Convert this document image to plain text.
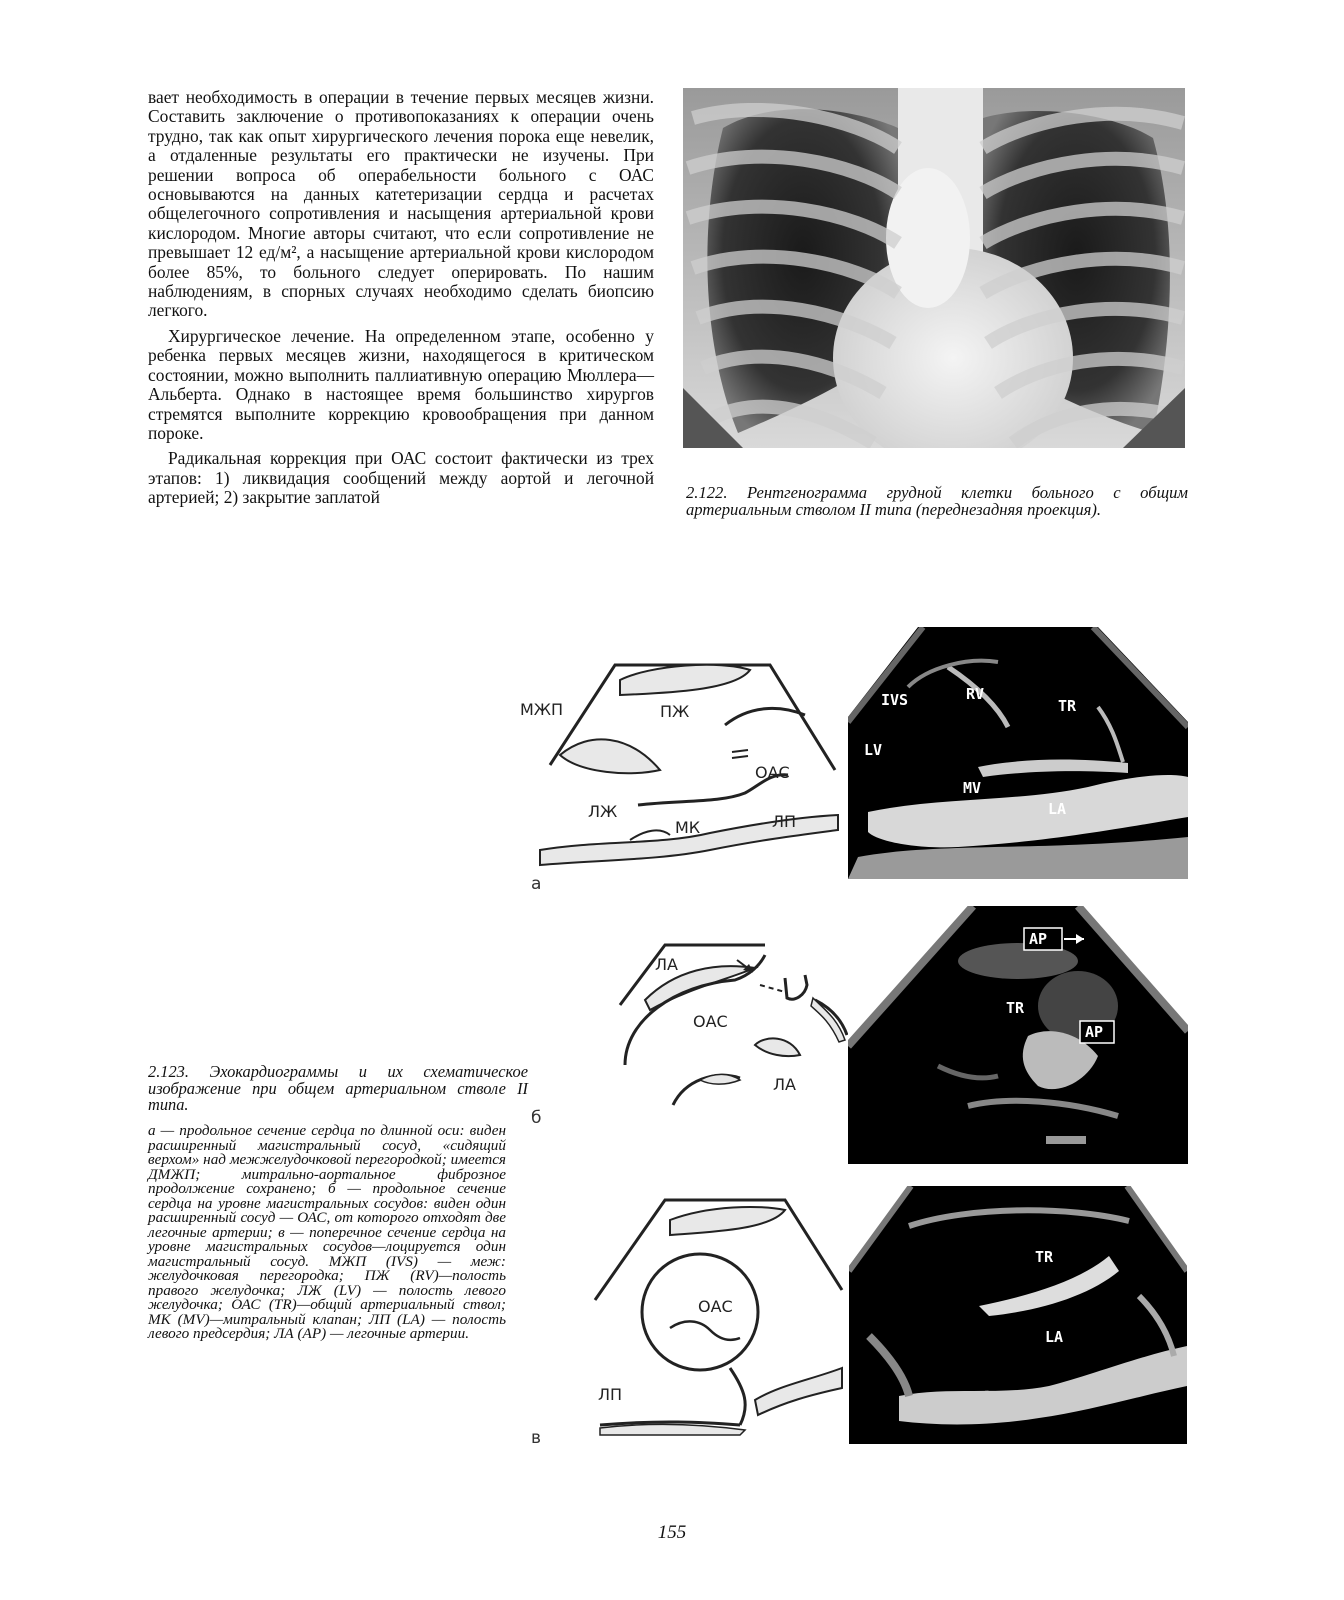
вает необходимость в операции в течение первых месяцев жизни. Составить заключение о противопоказаниях к операции очень трудно, так как опыт хирургического лечения порока еще невелик, а отдаленные результаты его практически не изучены. При решении вопроса об операбельности больного с ОАС основываются на данных катетеризации сердца и расчетах общелегочного сопротивления и насыщения артериальной крови кислородом. Многие авторы считают, что если сопротивление не превышает 12 ед/м², а насыщение артериальной крови кислородом более 85%, то больного следует оперировать. По нашим наблюдениям, в спорных случаях необходимо сделать биопсию легкого.

Хирургическое лечение. На определенном этапе, особенно у ребенка первых месяцев жизни, находящегося в критическом состоянии, можно выполнить паллиативную операцию Мюллера—Альберта. Однако в настоящее время большинство хирургов стремятся выполните коррекцию кровообращения при данном пороке.

Радикальная коррекция при ОАС состоит фактически из трех этапов: 1) ликвидация сообщений между аортой и легочной артерией; 2) закрытие заплатой	2.122. Рентгенограмма грудной клетки больного с общим артериальным стволом II типа (переднезадняя проекция).
МЖП	ПЖ
ОАС
ЛЖ
МК	ЛП
а
IVS	RV
TR
LV
MV
LA
ЛА
ОАС
ЛА
б
AP
TR
AP
ОАС
ЛП
в
TR
LA
2.123. Эхокардиограммы и их схематическое изображение при общем артериальном стволе II типа.
а — продольное сечение сердца по длинной оси: виден расширенный магистральный сосуд, «сидящий верхом» над межжелудочковой перегородкой; имеется ДМЖП; митрально-аортальное фиброзное продолжение сохранено; б — продольное сечение сердца на уровне магистральных сосудов: виден один расширенный сосуд — ОАС, от которого отходят две легочные артерии; в — поперечное сечение сердца на уровне магистральных сосудов—лоцируется один магистральный сосуд. МЖП (IVS) — меж: желудочковая перегородка; ПЖ (RV)—полость правого желудочка; ЛЖ (LV) — полость левого желудочка; ОАС (TR)—общий артериальный ствол; МК (MV)—митральный клапан; ЛП (LA) — полость левого предсердия; ЛА (АР) — легочные артерии.
155
